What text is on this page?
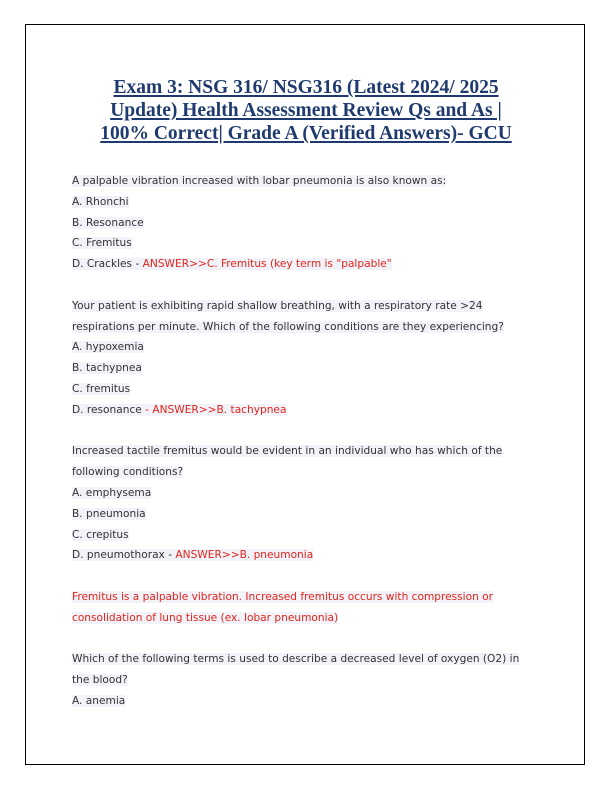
Exam 3: NSG 316/ NSG316 (Latest 2024/ 2025
Update) Health Assessment Review Qs and As |
100% Correct| Grade A (Verified Answers)- GCU
A palpable vibration increased with lobar pneumonia is also known as:
A. Rhonchi
B. Resonance
C. Fremitus
D. Crackles - ANSWER>>C. Fremitus (key term is "palpable"
Your patient is exhibiting rapid shallow breathing, with a respiratory rate >24
respirations per minute. Which of the following conditions are they experiencing?
A. hypoxemia
B. tachypnea
C. fremitus
D. resonance - ANSWER>>B. tachypnea
Increased tactile fremitus would be evident in an individual who has which of the
following conditions?
A. emphysema
B. pneumonia
C. crepitus
D. pneumothorax - ANSWER>>B. pneumonia
Fremitus is a palpable vibration. Increased fremitus occurs with compression or
consolidation of lung tissue (ex. lobar pneumonia)
Which of the following terms is used to describe a decreased level of oxygen (O2) in
the blood?
A. anemia
